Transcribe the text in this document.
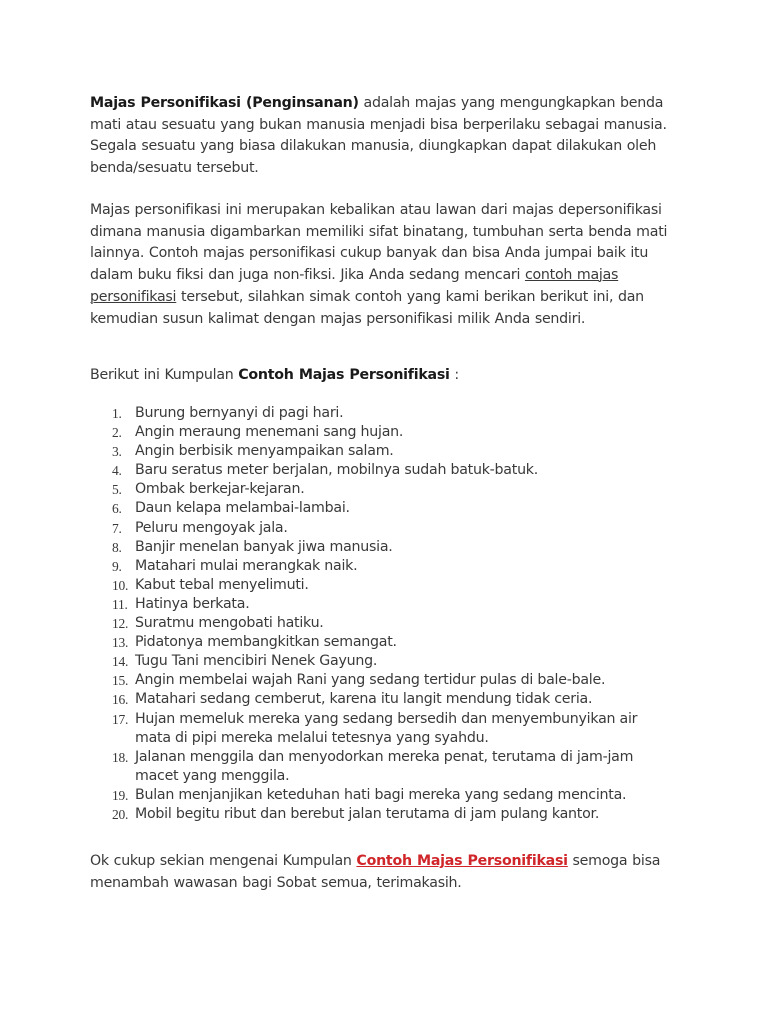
Majas Personifikasi (Penginsanan) adalah majas yang mengungkapkan benda mati atau sesuatu yang bukan manusia menjadi bisa berperilaku sebagai manusia. Segala sesuatu yang biasa dilakukan manusia, diungkapkan dapat dilakukan oleh benda/sesuatu tersebut.

Majas personifikasi ini merupakan kebalikan atau lawan dari majas depersonifikasi dimana manusia digambarkan memiliki sifat binatang, tumbuhan serta benda mati lainnya. Contoh majas personifikasi cukup banyak dan bisa Anda jumpai baik itu dalam buku fiksi dan juga non-fiksi. Jika Anda sedang mencari contoh majas personifikasi tersebut, silahkan simak contoh yang kami berikan berikut ini, dan kemudian susun kalimat dengan majas personifikasi milik Anda sendiri.

Berikut ini Kumpulan Contoh Majas Personifikasi :

1. Burung bernyanyi di pagi hari.
2. Angin meraung menemani sang hujan.
3. Angin berbisik menyampaikan salam.
4. Baru seratus meter berjalan, mobilnya sudah batuk-batuk.
5. Ombak berkejar-kejaran.
6. Daun kelapa melambai-lambai.
7. Peluru mengoyak jala.
8. Banjir menelan banyak jiwa manusia.
9. Matahari mulai merangkak naik.
10. Kabut tebal menyelimuti.
11. Hatinya berkata.
12. Suratmu mengobati hatiku.
13. Pidatonya membangkitkan semangat.
14. Tugu Tani mencibiri Nenek Gayung.
15. Angin membelai wajah Rani yang sedang tertidur pulas di bale-bale.
16. Matahari sedang cemberut, karena itu langit mendung tidak ceria.
17. Hujan memeluk mereka yang sedang bersedih dan menyembunyikan air mata di pipi mereka melalui tetesnya yang syahdu.
18. Jalanan menggila dan menyodorkan mereka penat, terutama di jam-jam macet yang menggila.
19. Bulan menjanjikan keteduhan hati bagi mereka yang sedang mencinta.
20. Mobil begitu ribut dan berebut jalan terutama di jam pulang kantor.

Ok cukup sekian mengenai Kumpulan Contoh Majas Personifikasi semoga bisa menambah wawasan bagi Sobat semua, terimakasih.
